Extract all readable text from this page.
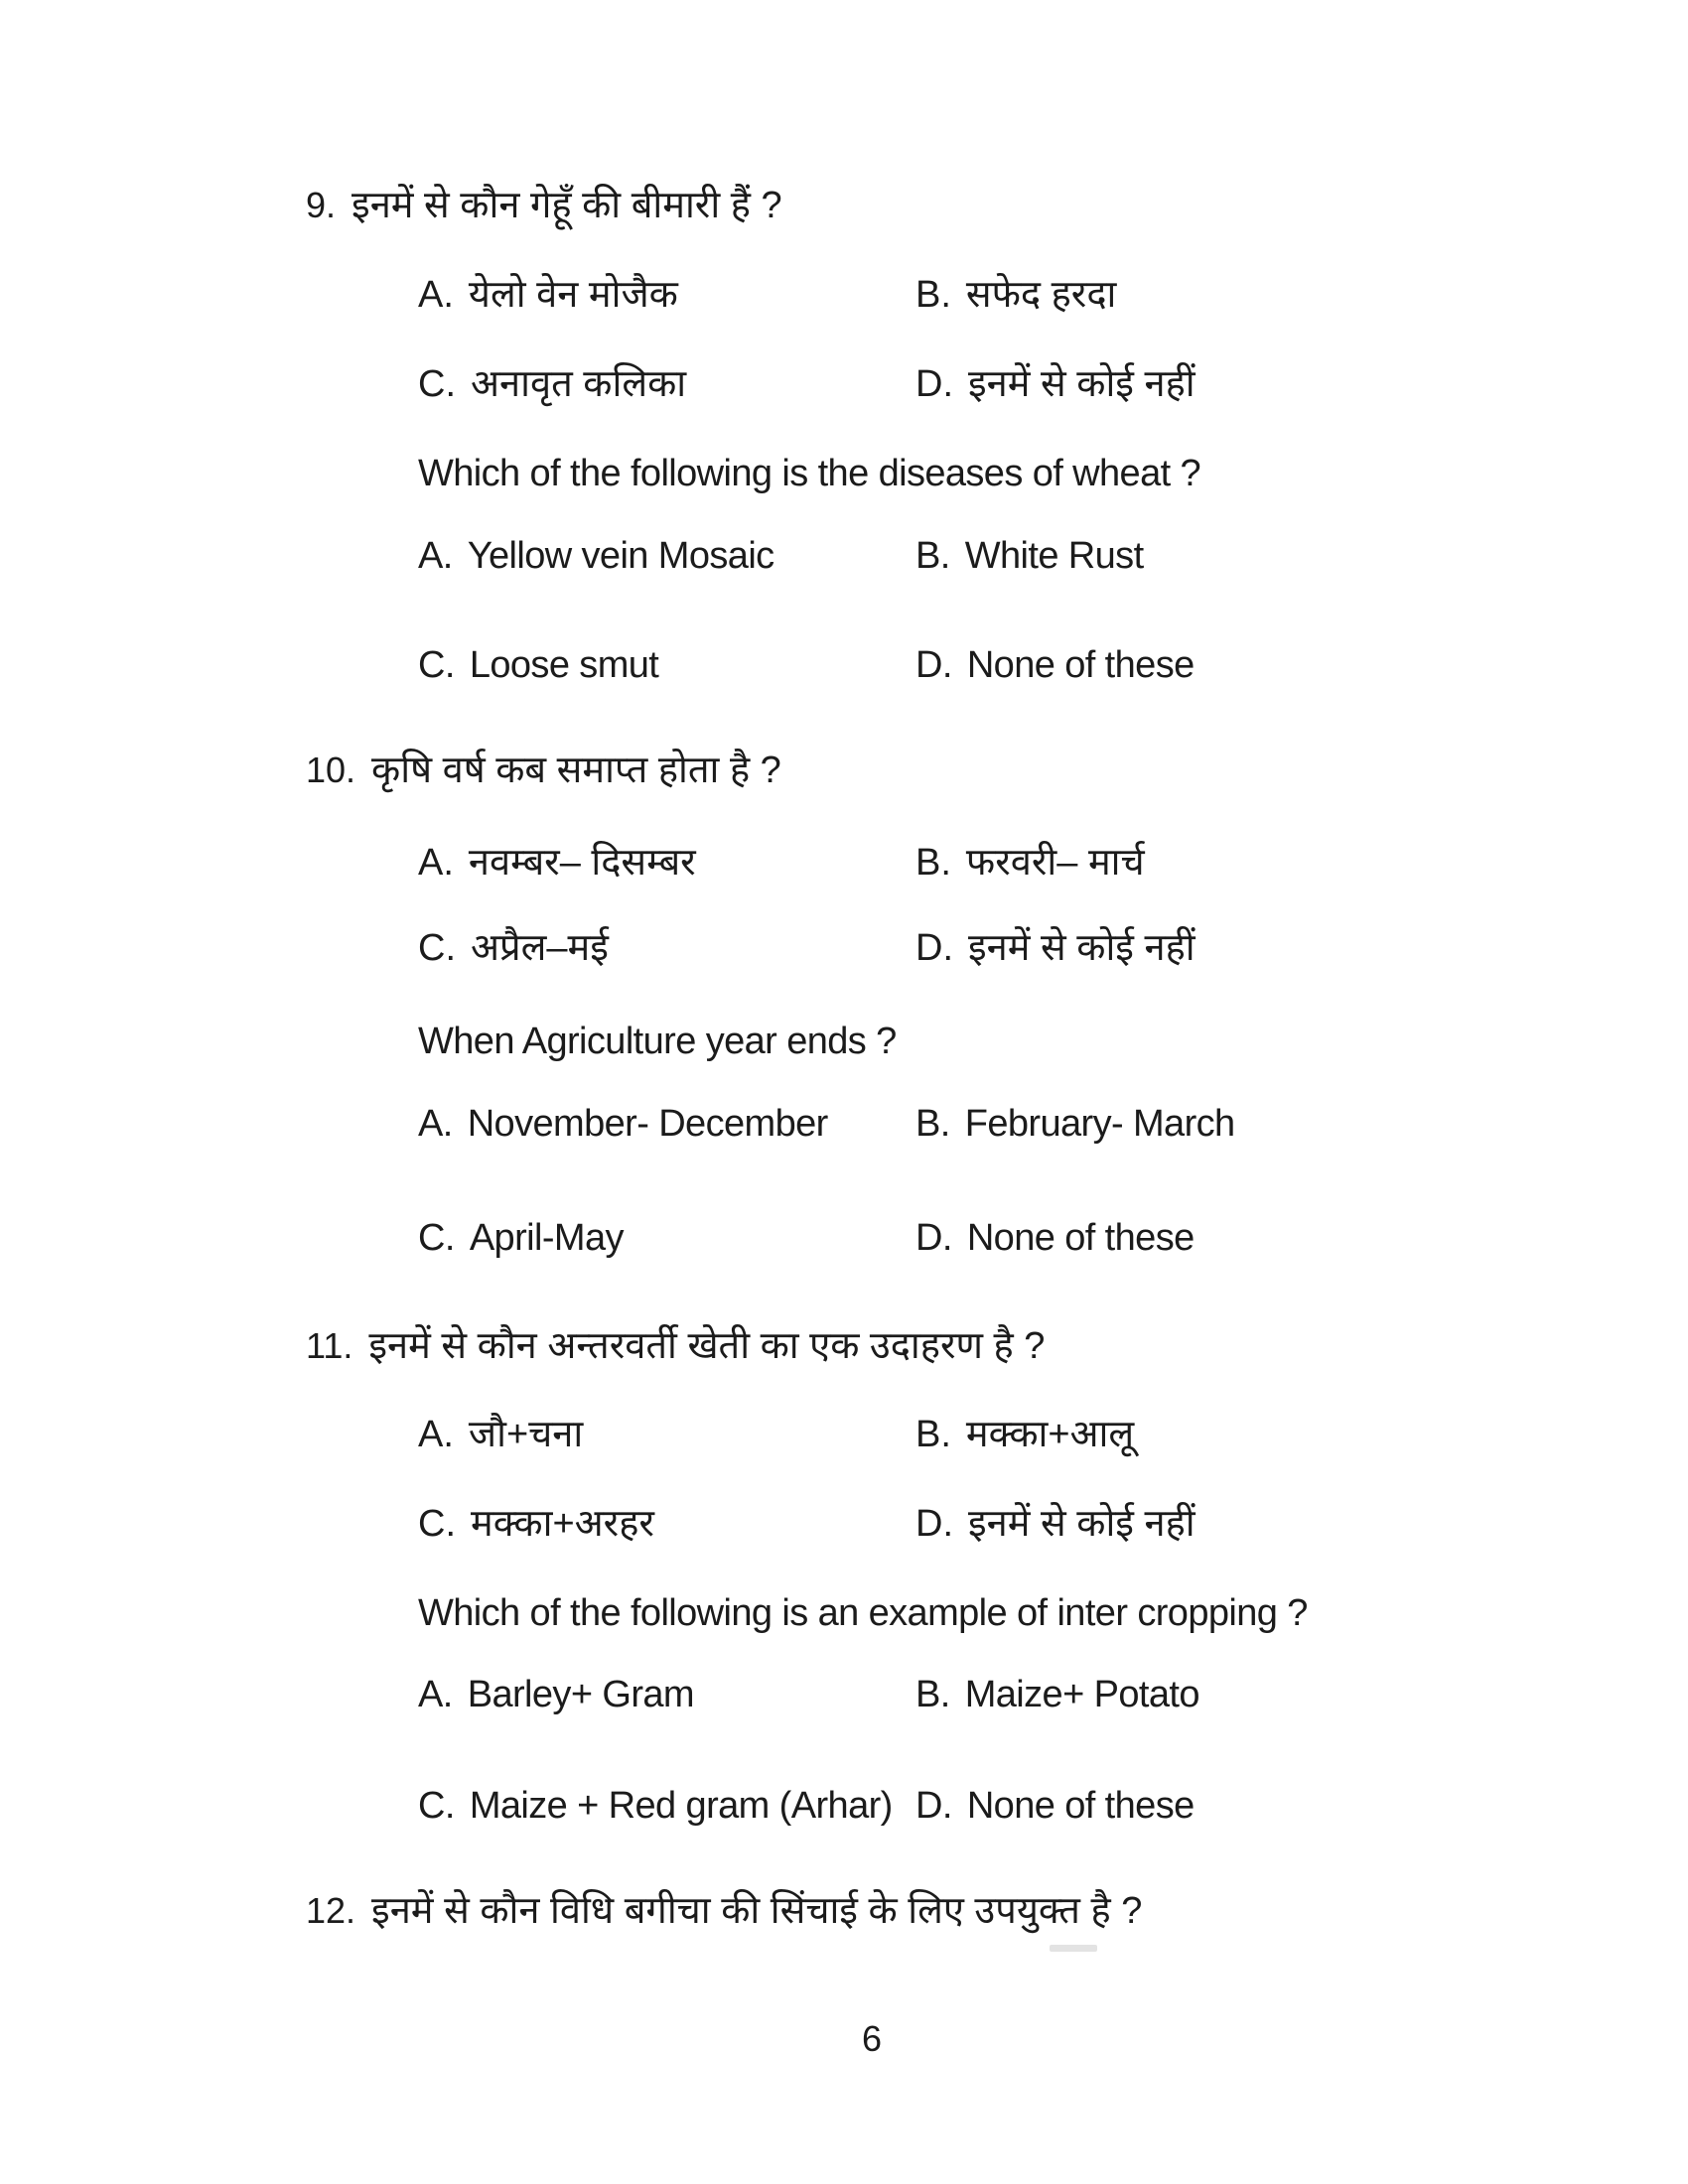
9. इनमें से कौन गेहूँ की बीमारी हैं ?
A. येलो वेन मोजैक	B. सफेद हरदा
C. अनावृत कलिका	D. इनमें से कोई नहीं
Which of the following is the diseases of wheat ?
A. Yellow vein Mosaic	B. White Rust
C. Loose smut	D. None of these
10. कृषि वर्ष कब समाप्त होता है ?
A. नवम्बर– दिसम्बर	B. फरवरी– मार्च
C. अप्रैल–मई	D. इनमें से कोई नहीं
When Agriculture year ends ?
A. November- December B. February- March
C. April-May	D. None of these
11. इनमें से कौन अन्तरवर्ती खेती का एक उदाहरण है ?
A. जौ+चना	B. मक्का+आलू
C. मक्का+अरहर	D. इनमें से कोई नहीं
Which of the following is an example of inter cropping ?
A. Barley+ Gram	B. Maize+ Potato
C. Maize + Red gram (Arhar) D. None of these
12. इनमें से कौन विधि बगीचा की सिंचाई के लिए उपयुक्त है ?
6
